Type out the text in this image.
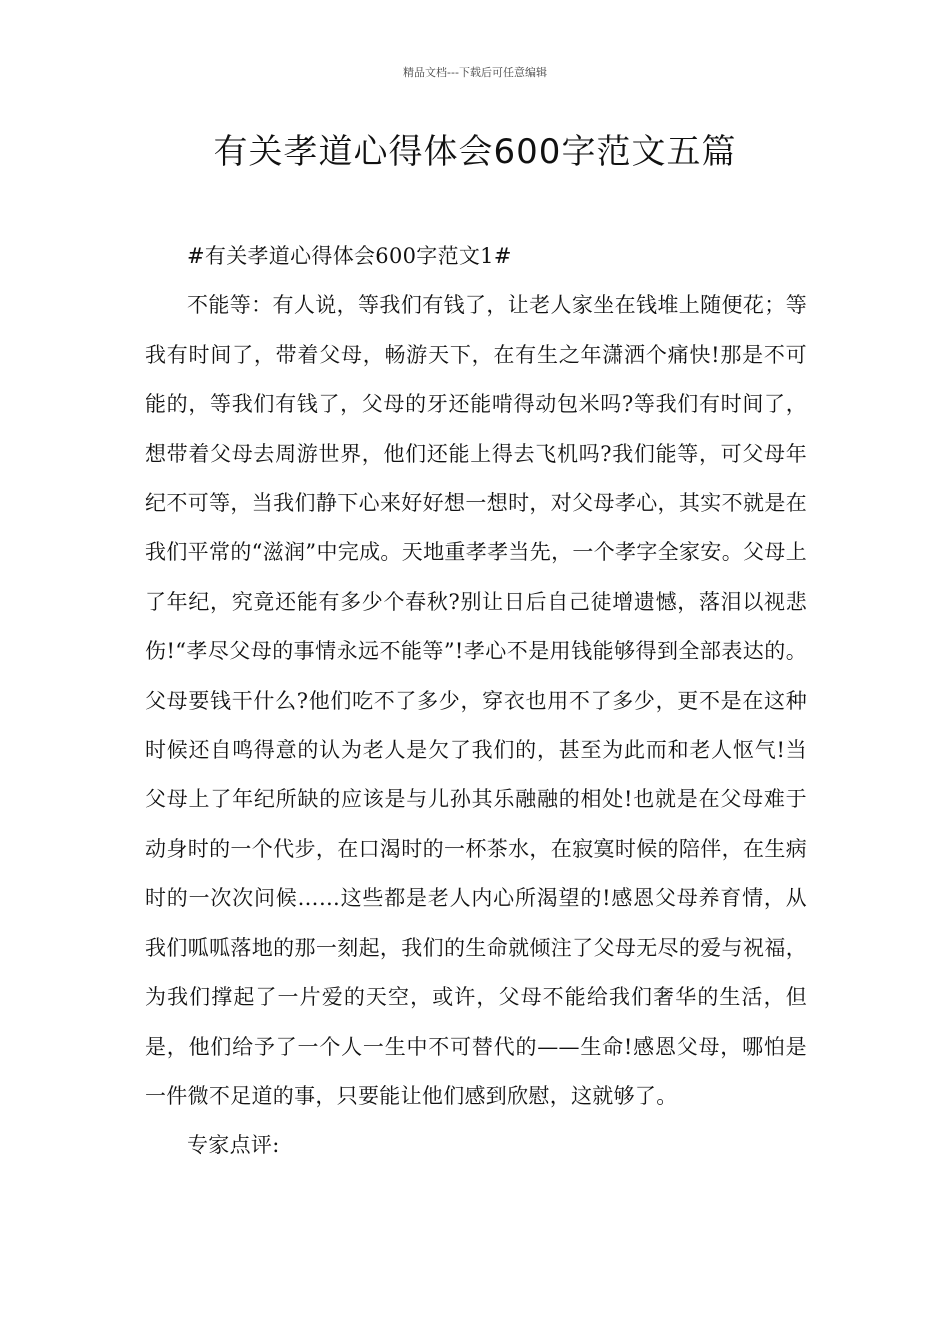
精品文档---下载后可任意编辑
有关孝道心得体会600字范文五篇

#有关孝道心得体会600字范文1#

不能等：有人说，等我们有钱了，让老人家坐在钱堆上随便花；等我有时间了，带着父母，畅游天下，在有生之年潇洒个痛快!那是不可能的，等我们有钱了，父母的牙还能啃得动包米吗?等我们有时间了，想带着父母去周游世界，他们还能上得去飞机吗?我们能等，可父母年纪不可等，当我们静下心来好好想一想时，对父母孝心，其实不就是在我们平常的“滋润”中完成。天地重孝孝当先，一个孝字全家安。父母上了年纪，究竟还能有多少个春秋?别让日后自己徒增遗憾，落泪以视悲伤!“孝尽父母的事情永远不能等”!孝心不是用钱能够得到全部表达的。父母要钱干什么?他们吃不了多少，穿衣也用不了多少，更不是在这种时候还自鸣得意的认为老人是欠了我们的，甚至为此而和老人怄气!当父母上了年纪所缺的应该是与儿孙其乐融融的相处!也就是在父母难于动身时的一个代步，在口渴时的一杯茶水，在寂寞时候的陪伴，在生病时的一次次问候……这些都是老人内心所渴望的!感恩父母养育情，从我们呱呱落地的那一刻起，我们的生命就倾注了父母无尽的爱与祝福，为我们撑起了一片爱的天空，或许，父母不能给我们奢华的生活，但是，他们给予了一个人一生中不可替代的——生命!感恩父母，哪怕是一件微不足道的事，只要能让他们感到欣慰，这就够了。

专家点评:
